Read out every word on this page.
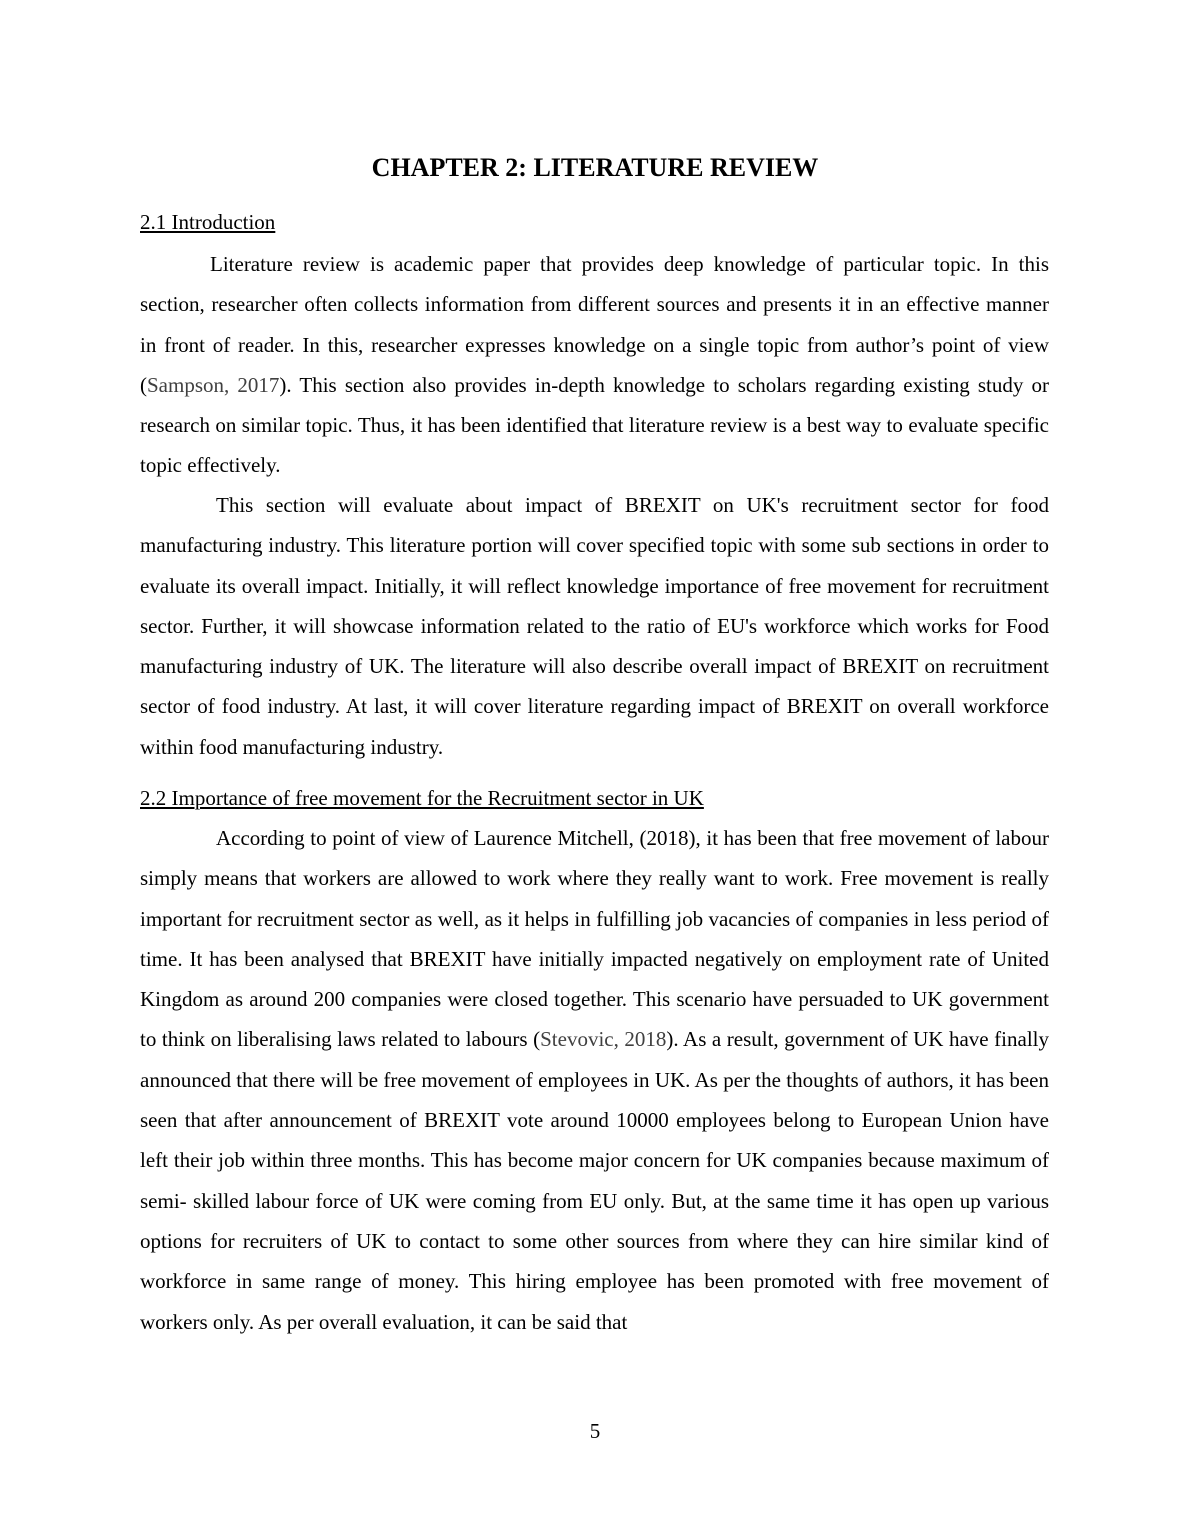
CHAPTER 2: LITERATURE REVIEW
2.1 Introduction

Literature review is academic paper that provides deep knowledge of particular topic. In this section, researcher often collects information from different sources and presents it in an effective manner in front of reader. In this, researcher expresses knowledge on a single topic from author’s point of view (Sampson, 2017). This section also provides in-depth knowledge to scholars regarding existing study or research on similar topic. Thus, it has been identified that literature review is a best way to evaluate specific topic effectively.

This section will evaluate about impact of BREXIT on UK's recruitment sector for food manufacturing industry. This literature portion will cover specified topic with some sub sections in order to evaluate its overall impact. Initially, it will reflect knowledge importance of free movement for recruitment sector. Further, it will showcase information related to the ratio of EU's workforce which works for Food manufacturing industry of UK. The literature will also describe overall impact of BREXIT on recruitment sector of food industry. At last, it will cover literature regarding impact of BREXIT on overall workforce within food manufacturing industry.

2.2 Importance of free movement for the Recruitment sector in UK

According to point of view of Laurence Mitchell, (2018), it has been that free movement of labour simply means that workers are allowed to work where they really want to work. Free movement is really important for recruitment sector as well, as it helps in fulfilling job vacancies of companies in less period of time. It has been analysed that BREXIT have initially impacted negatively on employment rate of United Kingdom as around 200 companies were closed together. This scenario have persuaded to UK government to think on liberalising laws related to labours (Stevovic, 2018). As a result, government of UK have finally announced that there will be free movement of employees in UK. As per the thoughts of authors, it has been seen that after announcement of BREXIT vote around 10000 employees belong to European Union have left their job within three months. This has become major concern for UK companies because maximum of semi- skilled labour force of UK were coming from EU only. But, at the same time it has open up various options for recruiters of UK to contact to some other sources from where they can hire similar kind of workforce in same range of money. This hiring employee has been promoted with free movement of workers only. As per overall evaluation, it can be said that

5
